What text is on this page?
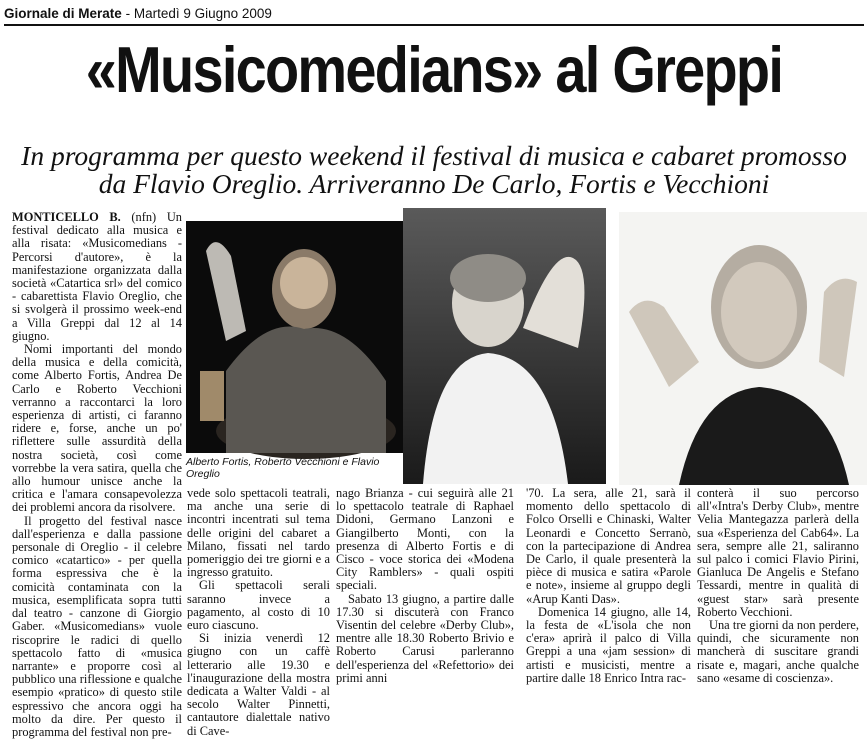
Giornale di Merate - Martedì 9 Giugno 2009
«Musicomedians» al Greppi
In programma per questo weekend il festival di musica e cabaret promosso da Flavio Oreglio. Arriveranno De Carlo, Fortis e Vecchioni

MONTICELLO B. (nfn) Un festival dedicato alla musica e alla risata: «Musicomedians - Percorsi d'autore», è la manifestazione organizzata dalla società «Catartica srl» del comico - cabarettista Flavio Oreglio, che si svolgerà il prossimo week-end a Villa Greppi dal 12 al 14 giugno.

Nomi importanti del mondo della musica e della comicità, come Alberto Fortis, Andrea De Carlo e Roberto Vecchioni verranno a raccontarci la loro esperienza di artisti, ci faranno ridere e, forse, anche un po' riflettere sulle assurdità della nostra società, così come vorrebbe la vera satira, quella che allo humour unisce anche la critica e l'amara consapevolezza dei problemi ancora da risolvere.

Il progetto del festival nasce dall'esperienza e dalla passione personale di Oreglio - il celebre comico «catartico» - per quella forma espressiva che è la comicità contaminata con la musica, esemplificata sopra tutti dal teatro - canzone di Giorgio Gaber. «Musicomedians» vuole riscoprire le radici di quello spettacolo fatto di «musica narrante» e proporre così al pubblico una riflessione e qualche esempio «pratico» di questo stile espressivo che ancora oggi ha molto da dire. Per questo il programma del festival non pre-

Alberto Fortis, Roberto Vecchioni e Flavio Oreglio

vede solo spettacoli teatrali, ma anche una serie di incontri incentrati sul tema delle origini del cabaret a Milano, fissati nel tardo pomeriggio dei tre giorni e a ingresso gratuito.

Gli spettacoli serali saranno invece a pagamento, al costo di 10 euro ciascuno.

Si inizia venerdì 12 giugno con un caffè letterario alle 19.30 e l'inaugurazione della mostra dedicata a Walter Valdi - al secolo Walter Pinnetti, cantautore dialettale nativo di Cave-

nago Brianza - cui seguirà alle 21 lo spettacolo teatrale di Raphael Didoni, Germano Lanzoni e Giangilberto Monti, con la presenza di Alberto Fortis e di Cisco - voce storica dei «Modena City Ramblers» - quali ospiti speciali.

Sabato 13 giugno, a partire dalle 17.30 si discuterà con Franco Visentin del celebre «Derby Club», mentre alle 18.30 Roberto Brivio e Roberto Carusi parleranno dell'esperienza del «Refettorio» dei primi anni

'70. La sera, alle 21, sarà il momento dello spettacolo di Folco Orselli e Chinaski, Walter Leonardi e Concetto Serranò, con la partecipazione di Andrea De Carlo, il quale presenterà la pièce di musica e satira «Parole e note», insieme al gruppo degli «Arup Kanti Das».

Domenica 14 giugno, alle 14, la festa de «L'isola che non c'era» aprirà il palco di Villa Greppi a una «jam session» di artisti e musicisti, mentre a partire dalle 18 Enrico Intra rac-

conterà il suo percorso all'«Intra's Derby Club», mentre Velia Mantegazza parlerà della sua «Esperienza del Cab64». La sera, sempre alle 21, saliranno sul palco i comici Flavio Pirini, Gianluca De Angelis e Stefano Tessardi, mentre in qualità di «guest star» sarà presente Roberto Vecchioni.

Una tre giorni da non perdere, quindi, che sicuramente non mancherà di suscitare grandi risate e, magari, anche qualche sano «esame di coscienza».
